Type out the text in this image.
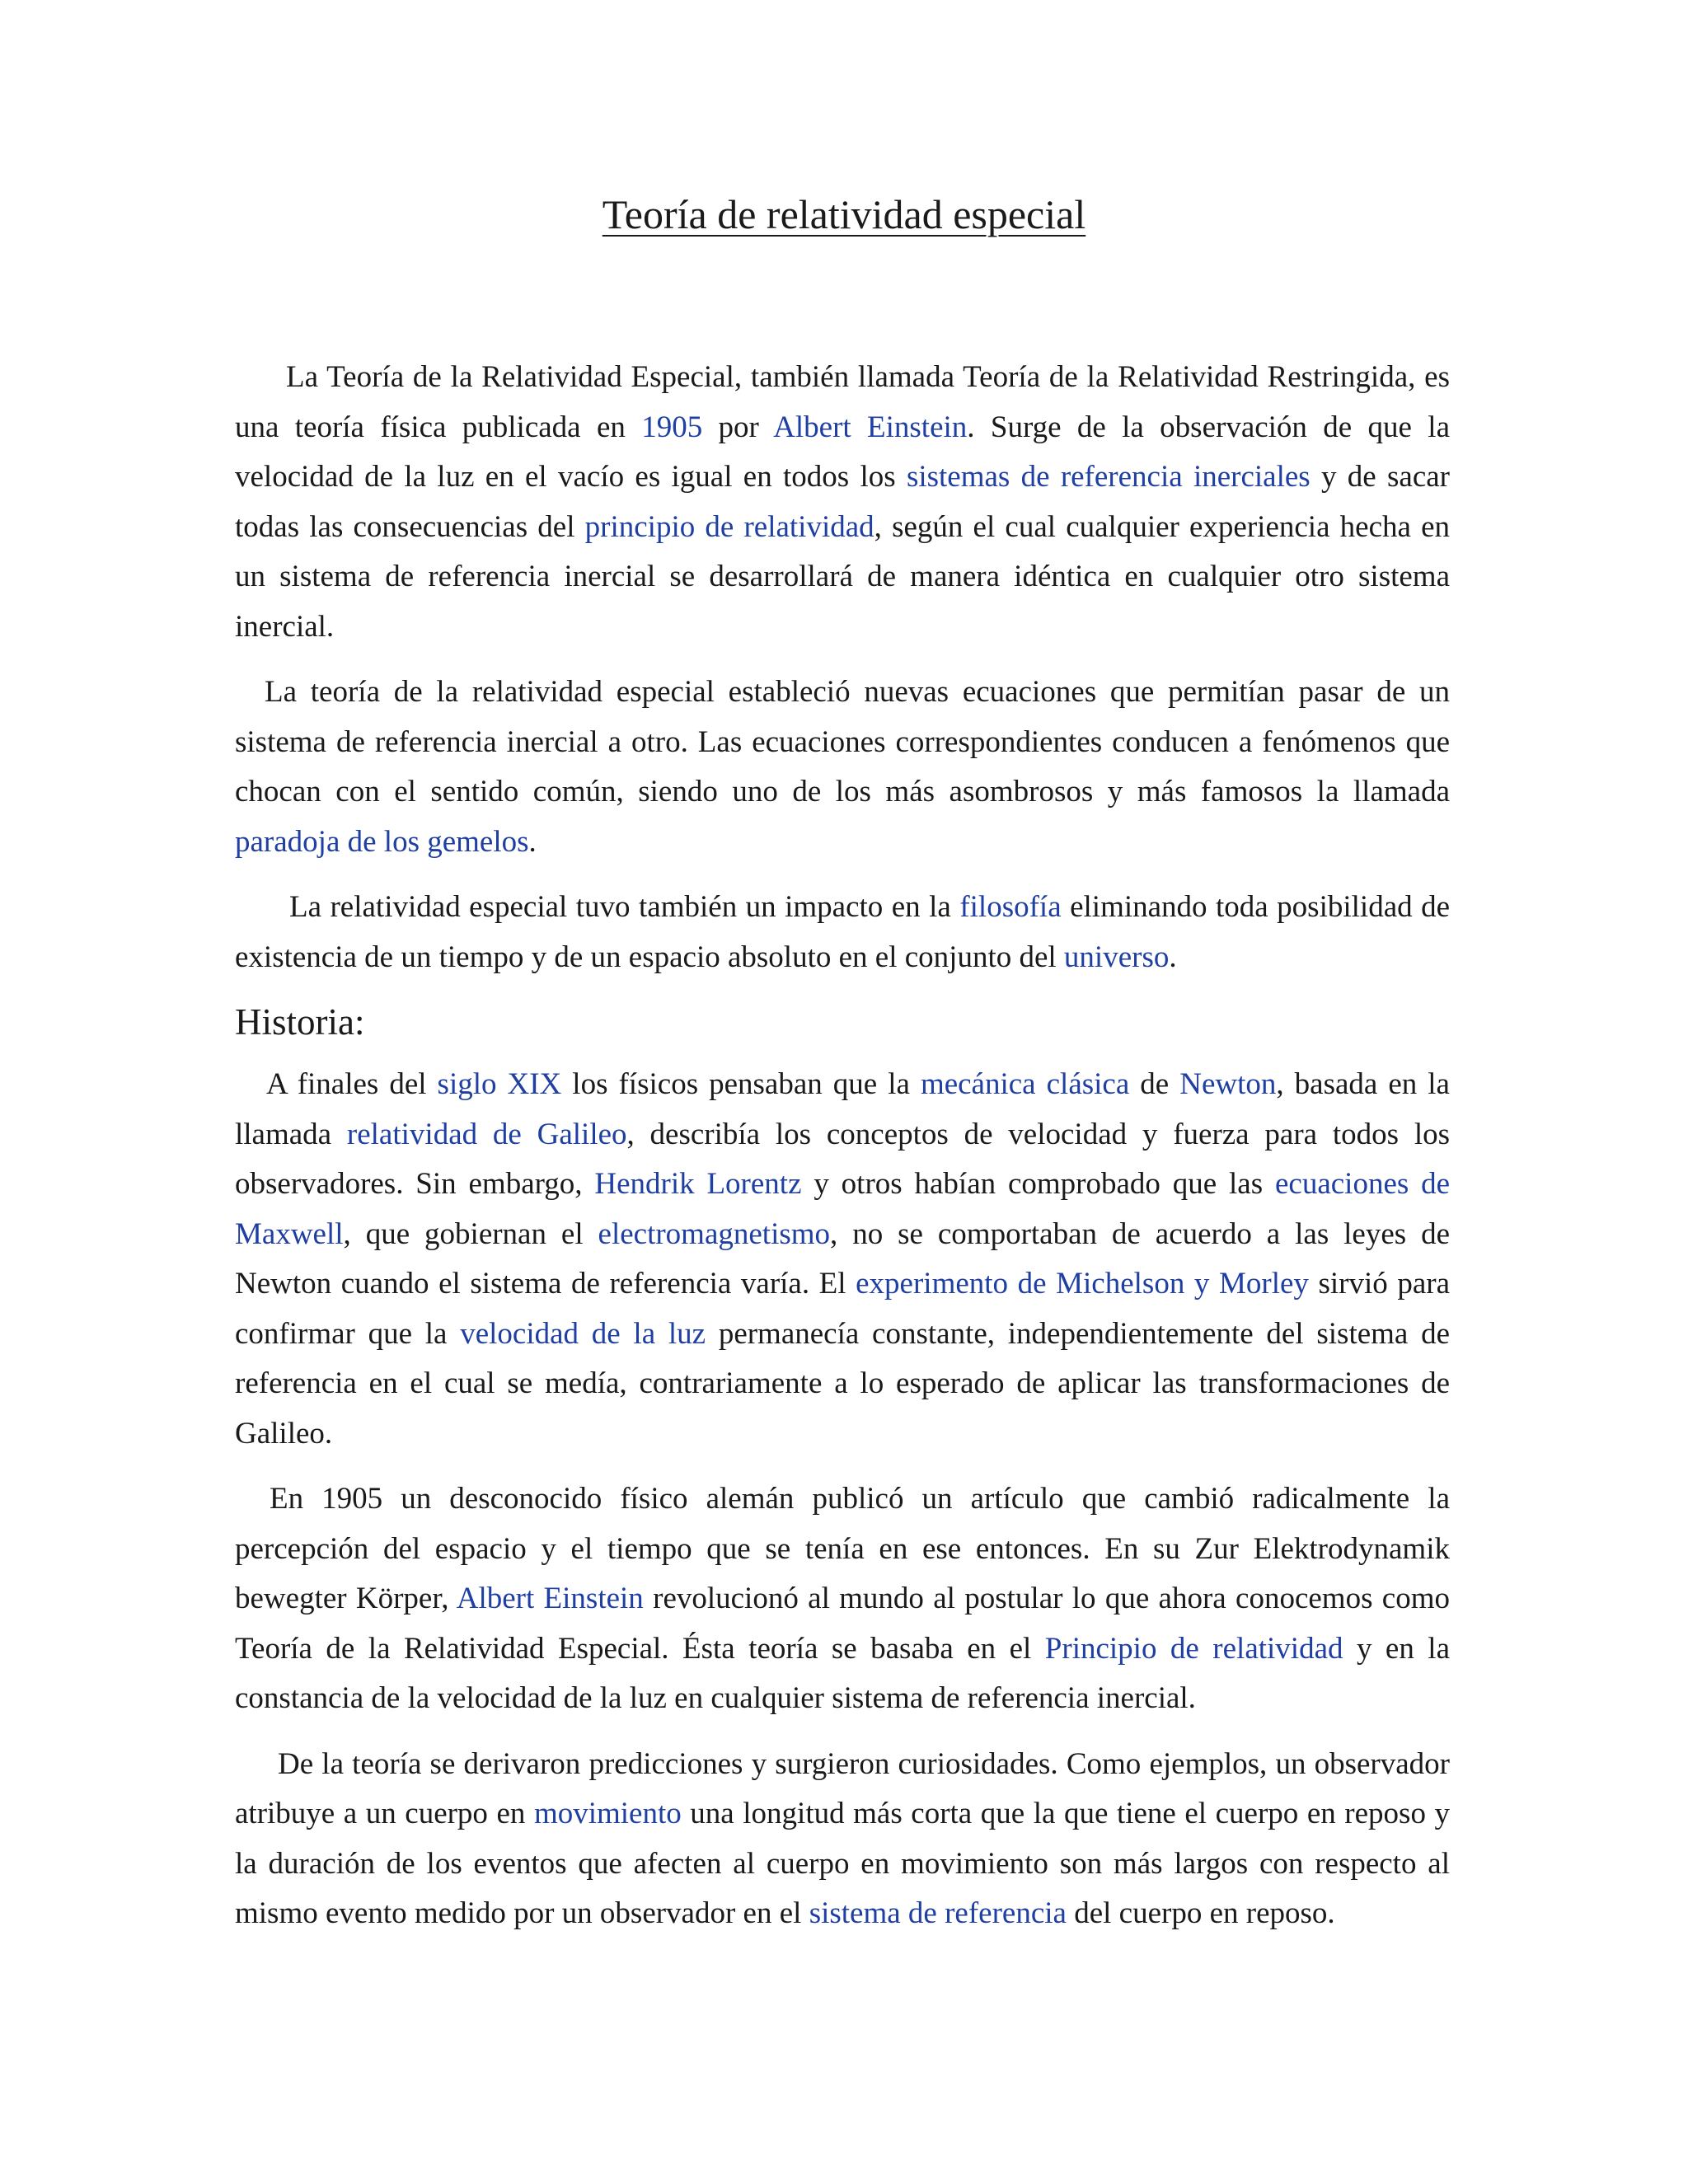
Teoría de relatividad especial

La Teoría de la Relatividad Especial, también llamada Teoría de la Relatividad Restringida, es una teoría física publicada en 1905 por Albert Einstein. Surge de la observación de que la velocidad de la luz en el vacío es igual en todos los sistemas de referencia inerciales y de sacar todas las consecuencias del principio de relatividad, según el cual cualquier experiencia hecha en un sistema de referencia inercial se desarrollará de manera idéntica en cualquier otro sistema inercial.

La teoría de la relatividad especial estableció nuevas ecuaciones que permitían pasar de un sistema de referencia inercial a otro. Las ecuaciones correspondientes conducen a fenómenos que chocan con el sentido común, siendo uno de los más asombrosos y más famosos la llamada paradoja de los gemelos.

La relatividad especial tuvo también un impacto en la filosofía eliminando toda posibilidad de existencia de un tiempo y de un espacio absoluto en el conjunto del universo.

Historia:

A finales del siglo XIX los físicos pensaban que la mecánica clásica de Newton, basada en la llamada relatividad de Galileo, describía los conceptos de velocidad y fuerza para todos los observadores. Sin embargo, Hendrik Lorentz y otros habían comprobado que las ecuaciones de Maxwell, que gobiernan el electromagnetismo, no se comportaban de acuerdo a las leyes de Newton cuando el sistema de referencia varía. El experimento de Michelson y Morley sirvió para confirmar que la velocidad de la luz permanecía constante, independientemente del sistema de referencia en el cual se medía, contrariamente a lo esperado de aplicar las transformaciones de Galileo.

En 1905 un desconocido físico alemán publicó un artículo que cambió radicalmente la percepción del espacio y el tiempo que se tenía en ese entonces. En su Zur Elektrodynamik bewegter Körper, Albert Einstein revolucionó al mundo al postular lo que ahora conocemos como Teoría de la Relatividad Especial. Ésta teoría se basaba en el Principio de relatividad y en la constancia de la velocidad de la luz en cualquier sistema de referencia inercial.

De la teoría se derivaron predicciones y surgieron curiosidades. Como ejemplos, un observador atribuye a un cuerpo en movimiento una longitud más corta que la que tiene el cuerpo en reposo y la duración de los eventos que afecten al cuerpo en movimiento son más largos con respecto al mismo evento medido por un observador en el sistema de referencia del cuerpo en reposo.
